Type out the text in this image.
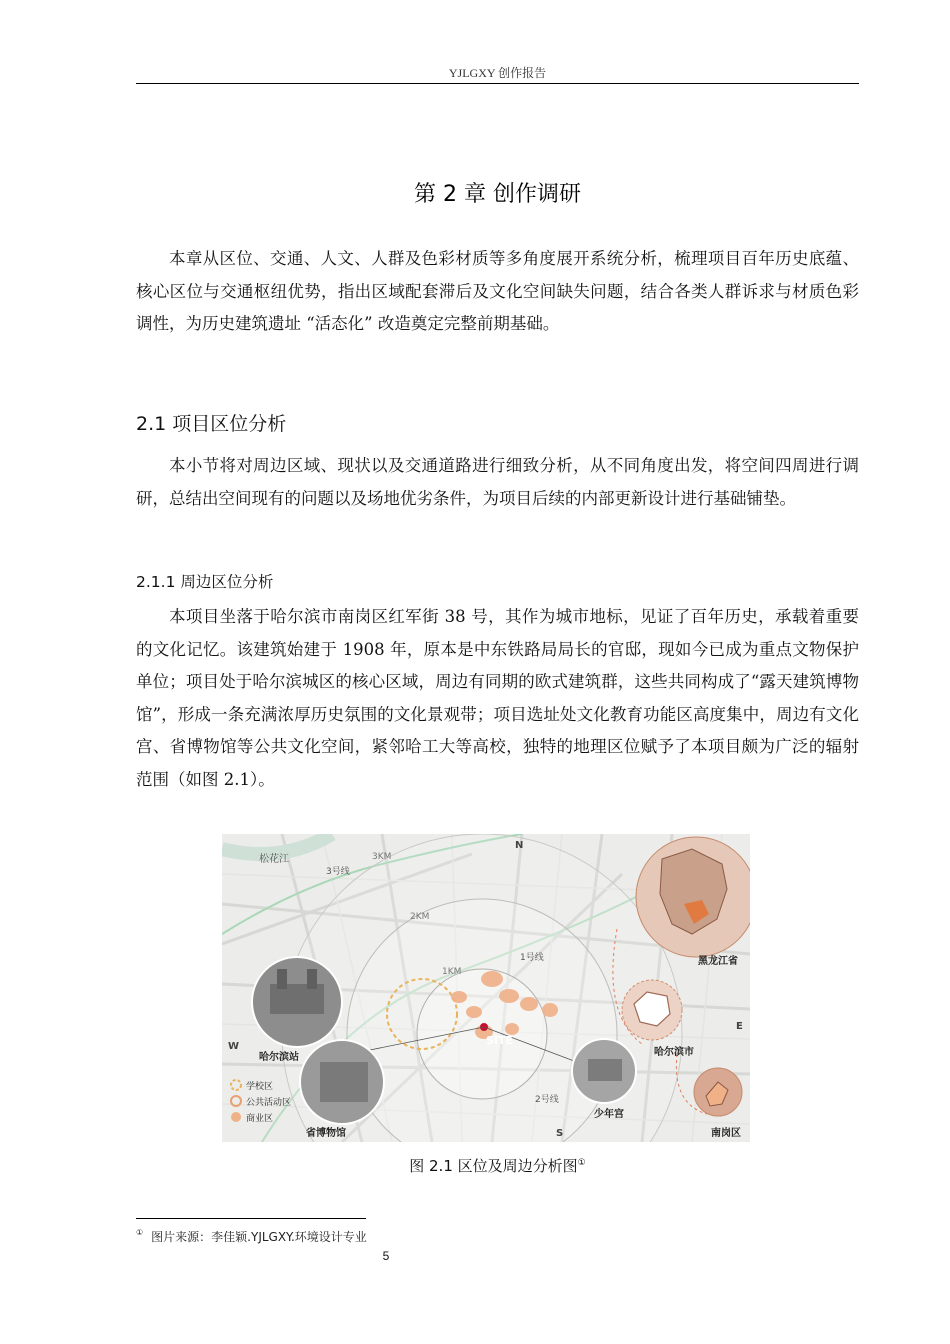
YJLGXY 创作报告
第 2 章 创作调研

本章从区位、交通、人文、人群及色彩材质等多角度展开系统分析，梳理项目百年历史底蕴、核心区位与交通枢纽优势，指出区域配套滞后及文化空间缺失问题，结合各类人群诉求与材质色彩调性，为历史建筑遗址 “活态化” 改造奠定完整前期基础。

2.1 项目区位分析

本小节将对周边区域、现状以及交通道路进行细致分析，从不同角度出发，将空间四周进行调研，总结出空间现有的问题以及场地优劣条件，为项目后续的内部更新设计进行基础铺垫。

2.1.1 周边区位分析

本项目坐落于哈尔滨市南岗区红军街 38 号，其作为城市地标，见证了百年历史，承载着重要的文化记忆。该建筑始建于 1908 年，原本是中东铁路局局长的官邸，现如今已成为重点文物保护单位；项目处于哈尔滨城区的核心区域，周边有同期的欧式建筑群，这些共同构成了“露天建筑博物馆”，形成一条充满浓厚历史氛围的文化景观带；项目选址处文化教育功能区高度集中，周边有文化宫、省博物馆等公共文化空间，紧邻哈工大等高校，独特的地理区位赋予了本项目颇为广泛的辐射范围（如图 2.1）。

松花江
3号线
3KM
2KM
1KM
1号线
2号线
N
S
E
W	SITE
哈尔滨站
省博物馆
少年宫
黑龙江省
哈尔滨市
南岗区
学校区
公共活动区
商业区
图 2.1 区位及周边分析图①
① 图片来源：李佳颖.YJLGXY.环境设计专业
5
